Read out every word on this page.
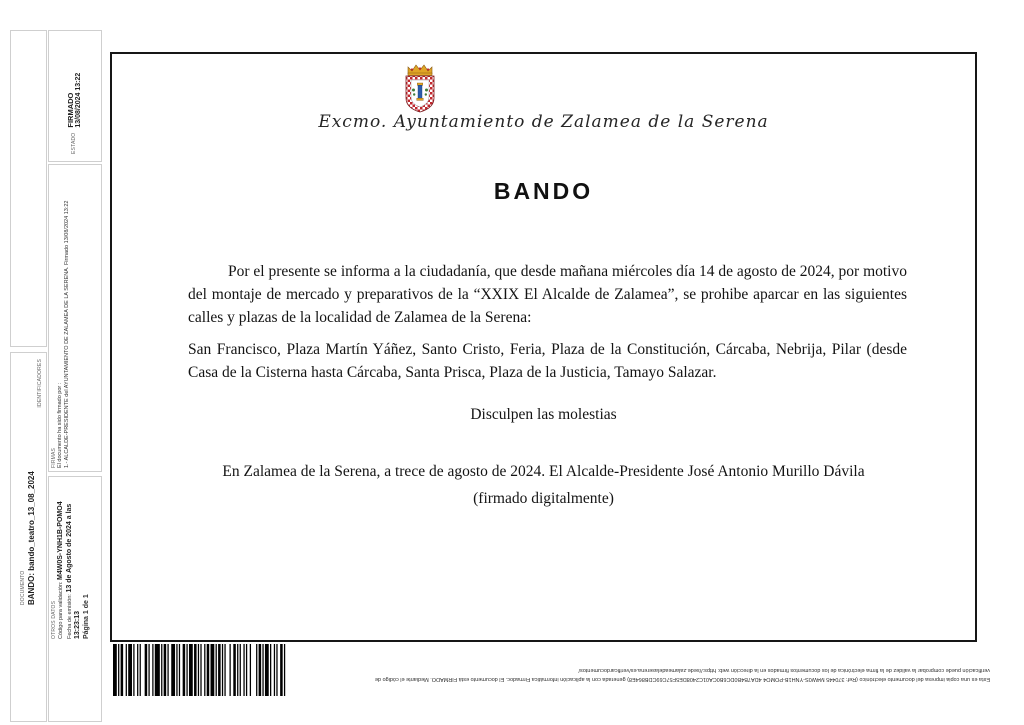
DOCUMENTO BANDO: bando_teatro_13_08_2024
IDENTIFICADORES
ESTADO
FIRMADO 13/08/2024 13:22
FIRMAS El documento ha sido firmado por : 1.- ALCALDE-PRESIDENTE del AYUNTAMIENTO DE ZALAMEA DE LA SERENA. Firmado 13/08/2024 13:22
OTROS DATOS Código para validación: M4W0S-YNH1B-POMO4
Fecha de emisión: 13 de Agosto de 2024 a las 13:23:13 Página 1 de 1
Excmo. Ayuntamiento de Zalamea de la Serena
BANDO

Por el presente se informa a la ciudadanía, que desde mañana miércoles día 14 de agosto de 2024, por motivo del montaje de mercado y preparativos de la “XXIX El Alcalde de Zalamea”, se prohibe aparcar en las siguientes calles y plazas de la localidad de Zalamea de la Serena:

San Francisco, Plaza Martín Yáñez, Santo Cristo, Feria, Plaza de la Constitución, Cárcaba, Nebrija, Pilar (desde Casa de la Cisterna hasta Cárcaba, Santa Prisca, Plaza de la Justicia, Tamayo Salazar.

Disculpen las molestias
En Zalamea de la Serena, a trece de agosto de 2024. El Alcalde-Presidente José Antonio Murillo Dávila
(firmado digitalmente)
Esta es una copia impresa del documento electrónico (Ref: 370445 M4W0S-YNH1B-POMO4 4DA7B4B0DC6B0CA01C2408DE5F57C69CDB864E8) generada con la aplicación informática Firmadoc. El documento está FIRMADO. Mediante el código de
verificación puede comprobar la validez de la firma electrónica de los documentos firmados en la dirección web: https://sede.zalameadelaserena.es/verificardocumentos/
